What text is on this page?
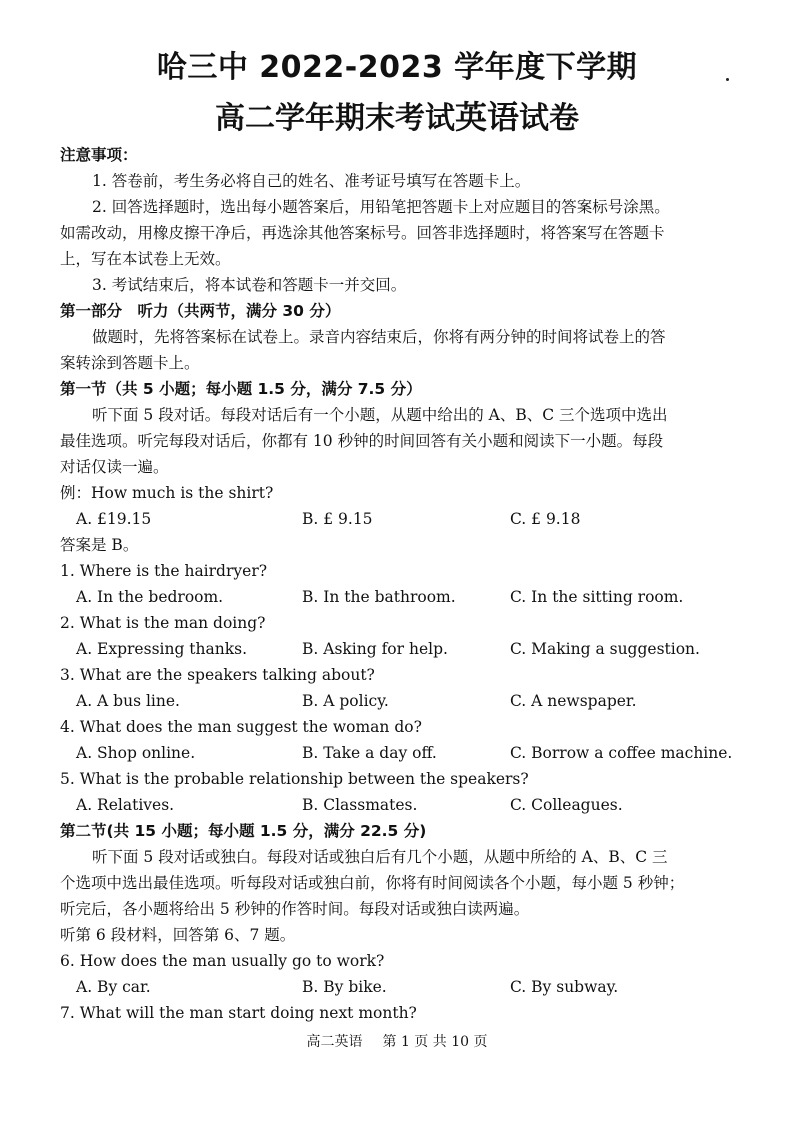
哈三中 2022-2023 学年度下学期
高二学年期末考试英语试卷
注意事项：
1. 答卷前，考生务必将自己的姓名、准考证号填写在答题卡上。
2. 回答选择题时，选出每小题答案后，用铅笔把答题卡上对应题目的答案标号涂黑。
如需改动，用橡皮擦干净后，再选涂其他答案标号。回答非选择题时，将答案写在答题卡
上，写在本试卷上无效。
3. 考试结束后，将本试卷和答题卡一并交回。
第一部分　听力（共两节，满分 30 分）
做题时，先将答案标在试卷上。录音内容结束后，你将有两分钟的时间将试卷上的答
案转涂到答题卡上。
第一节（共 5 小题；每小题 1.5 分，满分 7.5 分）
听下面 5 段对话。每段对话后有一个小题，从题中给出的 A、B、C 三个选项中选出
最佳选项。听完每段对话后，你都有 10 秒钟的时间回答有关小题和阅读下一小题。每段
对话仅读一遍。
例：How much is the shirt?
A. £19.15	B. £ 9.15	C. £ 9.18
答案是 B。
1. Where is the hairdryer?
A. In the bedroom.	B. In the bathroom.	C. In the sitting room.
2. What is the man doing?
A. Expressing thanks.	B. Asking for help.	C. Making a suggestion.
3. What are the speakers talking about?
A. A bus line.	B. A policy.	C. A newspaper.
4. What does the man suggest the woman do?
A. Shop online.	B. Take a day off.	C. Borrow a coffee machine.
5. What is the probable relationship between the speakers?
A. Relatives.	B. Classmates.	C. Colleagues.
第二节(共 15 小题；每小题 1.5 分，满分 22.5 分)
听下面 5 段对话或独白。每段对话或独白后有几个小题，从题中所给的 A、B、C 三
个选项中选出最佳选项。听每段对话或独白前，你将有时间阅读各个小题，每小题 5 秒钟；
听完后，各小题将给出 5 秒钟的作答时间。每段对话或独白读两遍。
听第 6 段材料，回答第 6、7 题。
6. How does the man usually go to work?
A. By car.	B. By bike.	C. By subway.
7. What will the man start doing next month?
高二英语 第 1 页 共 10 页
